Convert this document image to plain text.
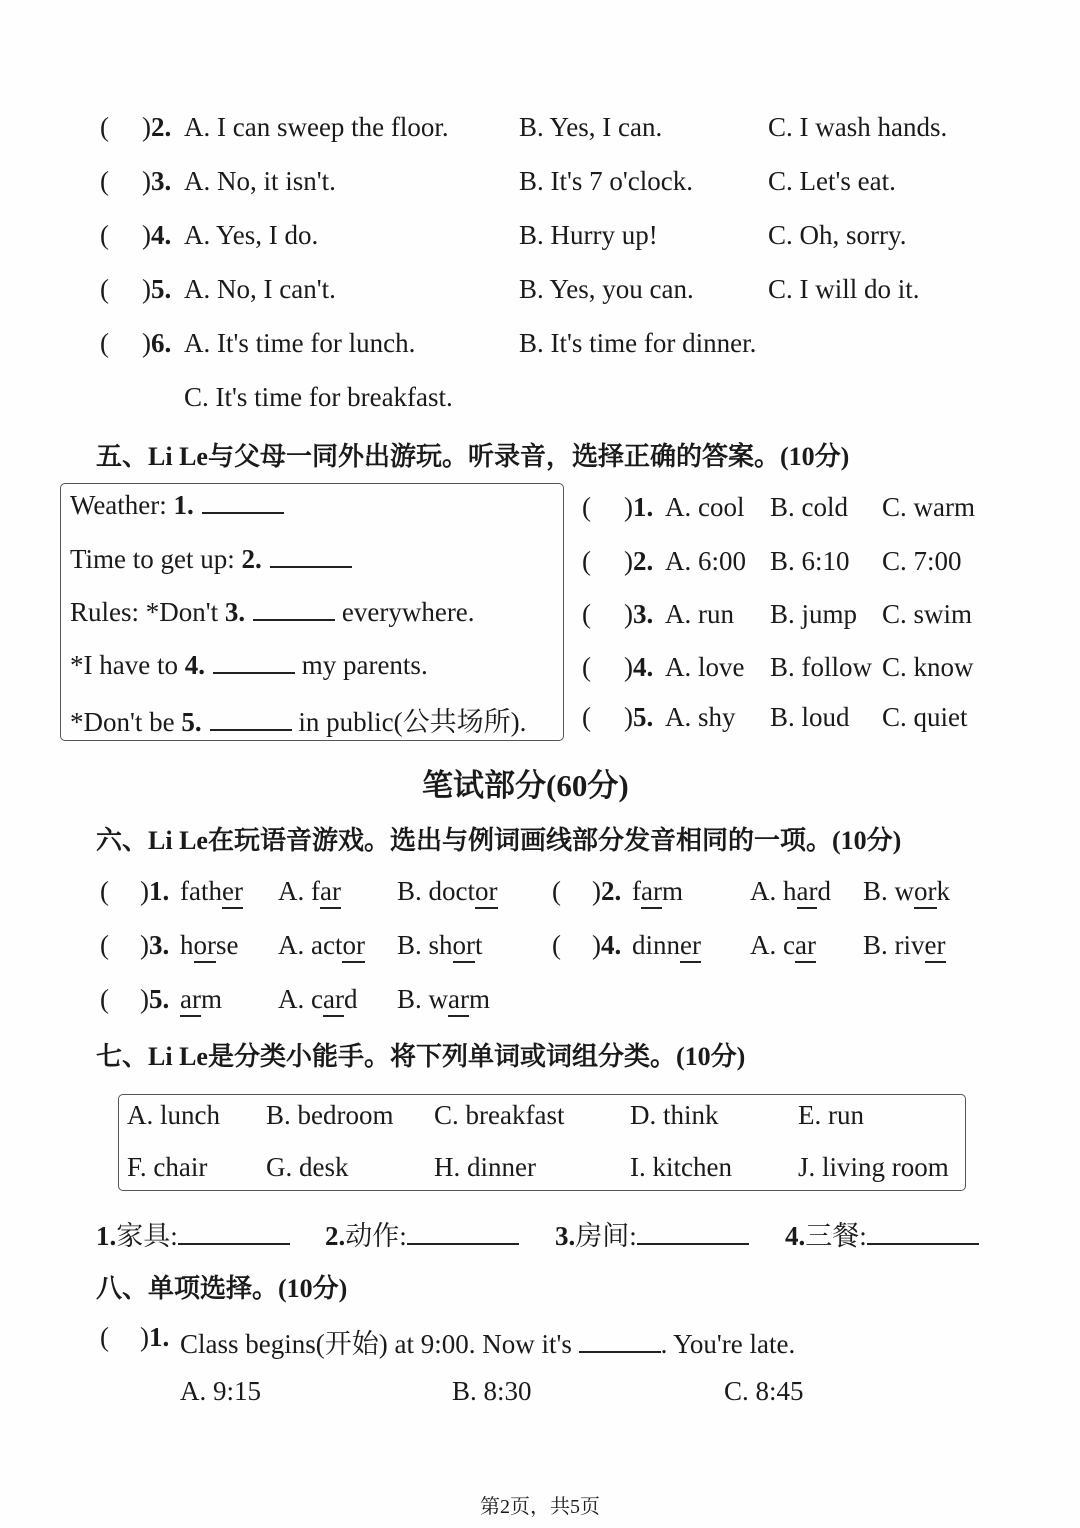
( )2. A. I can sweep the floor.	B. Yes, I can.	C. I wash hands.
( )3. A. No, it isn't.	B. It's 7 o'clock.	C. Let's eat.
( )4. A. Yes, I do.	B. Hurry up!	C. Oh, sorry.
( )5. A. No, I can't.	B. Yes, you can.	C. I will do it.
( )6. A. It's time for lunch.	B. It's time for dinner.
C. It's time for breakfast.
五、Li Le与父母一同外出游玩。听录音，选择正确的答案。(10分)
Weather: 1.
Time to get up: 2.
Rules: *Don't 3.	everywhere.
*I have to 4.	my parents.
*Don't be 5.	in public(公共场所).
( )1. A. cool B. cold C. warm
( )2. A. 6:00 B. 6:10 C. 7:00
( )3. A. run B. jump C. swim
( )4. A. love B. follow C. know
( )5. A. shy B. loud C. quiet
笔试部分(60分)
六、Li Le在玩语音游戏。选出与例词画线部分发音相同的一项。(10分)
( )1. father A. far B. doctor ( )2. farm A. hard B. work
( )3. horse A. actor B. short	( )4. dinner A. car B. river
( )5. arm A. card B. warm
七、Li Le是分类小能手。将下列单词或词组分类。(10分)
A. lunch B. bedroom C. breakfast D. think	E. run
F. chair G. desk	H. dinner	I. kitchen J. living room
1.家具:	2.动作:	3.房间:	4.三餐:
八、单项选择。(10分)
( )1. Class begins(开始) at 9:00. Now it's	. You're late.
A. 9:15	B. 8:30	C. 8:45
第2页，共5页
